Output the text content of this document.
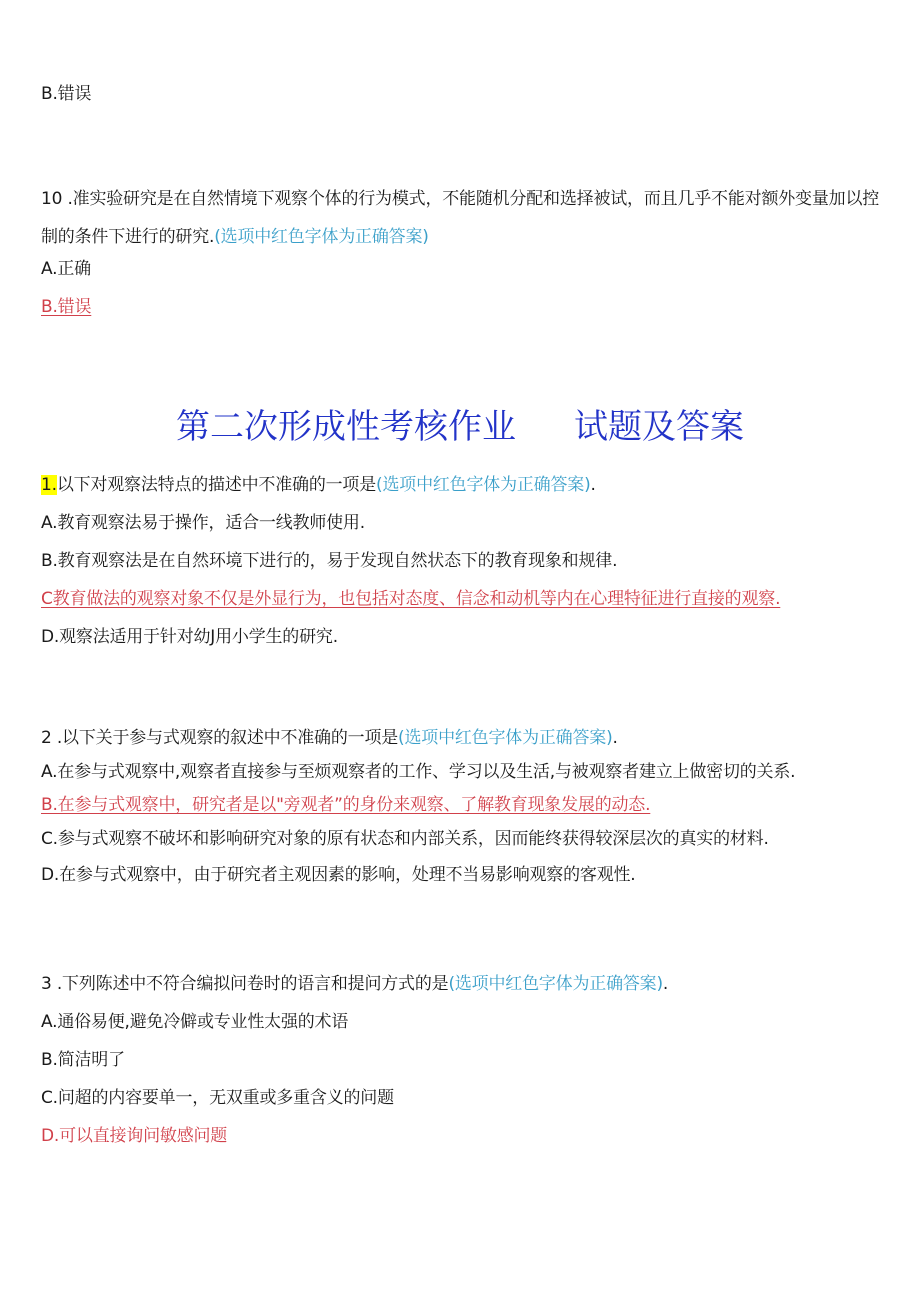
B.错误
10 .准实验研究是在自然情境下观察个体的行为模式，不能随机分配和选择被试，而且几乎不能对额外变量加以控制的条件下进行的研究.(选项中红色字体为正确答案)
A.正确
B.错误
第二次形成性考核作业 试题及答案
1.以下对观察法特点的描述中不准确的一项是(选项中红色字体为正确答案).
A.教育观察法易于操作，适合一线教师使用.
B.教育观察法是在自然环境下进行的，易于发现自然状态下的教育现象和规律.
C教育做法的观察对象不仅是外显行为，也包括对态度、信念和动机等内在心理特征进行直接的观察.
D.观察法适用于针对幼J用小学生的研究.
2 .以下关于参与式观察的叙述中不准确的一项是(选项中红色字体为正确答案).
A.在参与式观察中,观察者直接参与至烦观察者的工作、学习以及生活,与被观察者建立上做密切的关系.
B.在参与式观察中，研究者是以"旁观者”的身份来观察、了解教育现象发展的动态.
C.参与式观察不破坏和影响研究对象的原有状态和内部关系，因而能终获得较深层次的真实的材料.
D.在参与式观察中，由于研究者主观因素的影响，处理不当易影响观察的客观性.
3 .下列陈述中不符合编拟问卷时的语言和提问方式的是(选项中红色字体为正确答案).
A.通俗易便,避免冷僻或专业性太强的术语
B.简洁明了
C.问超的内容要单一，无双重或多重含义的问题
D.可以直接询问敏感问题
